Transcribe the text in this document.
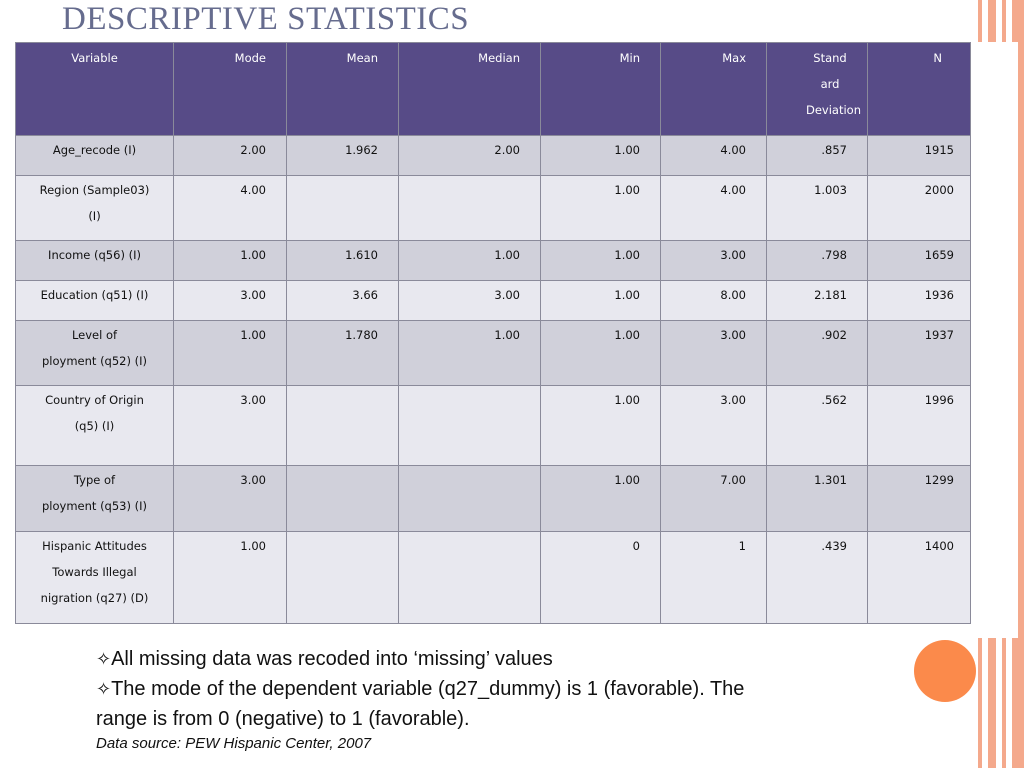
DESCRIPTIVE STATISTICS
Variable	Mode	Mean	Median	Min	Max	Stand
ard
Deviation	N

Age_recode (I)	2.00	1.962	2.00	1.00	4.00	.857	1915

Region (Sample03)
(I)	4.00			1.00	4.00	1.003	2000

Income (q56) (I)	1.00	1.610	1.00	1.00	3.00	.798	1659

Education (q51) (I)	3.00	3.66	3.00	1.00	8.00	2.181	1936

Level of
ployment (q52) (I)	1.00	1.780	1.00	1.00	3.00	.902	1937

Country of Origin
(q5) (I)	3.00			1.00	3.00	.562	1996

Type of
ployment (q53) (I)	3.00			1.00	7.00	1.301	1299

Hispanic Attitudes
Towards Illegal
nigration (q27) (D)	1.00			0	1	.439	1400
✧All missing data was recoded into ‘missing’ values
✧The mode of the dependent variable (q27_dummy) is 1 (favorable). The range is from 0 (negative) to 1 (favorable).
Data source: PEW Hispanic Center, 2007
